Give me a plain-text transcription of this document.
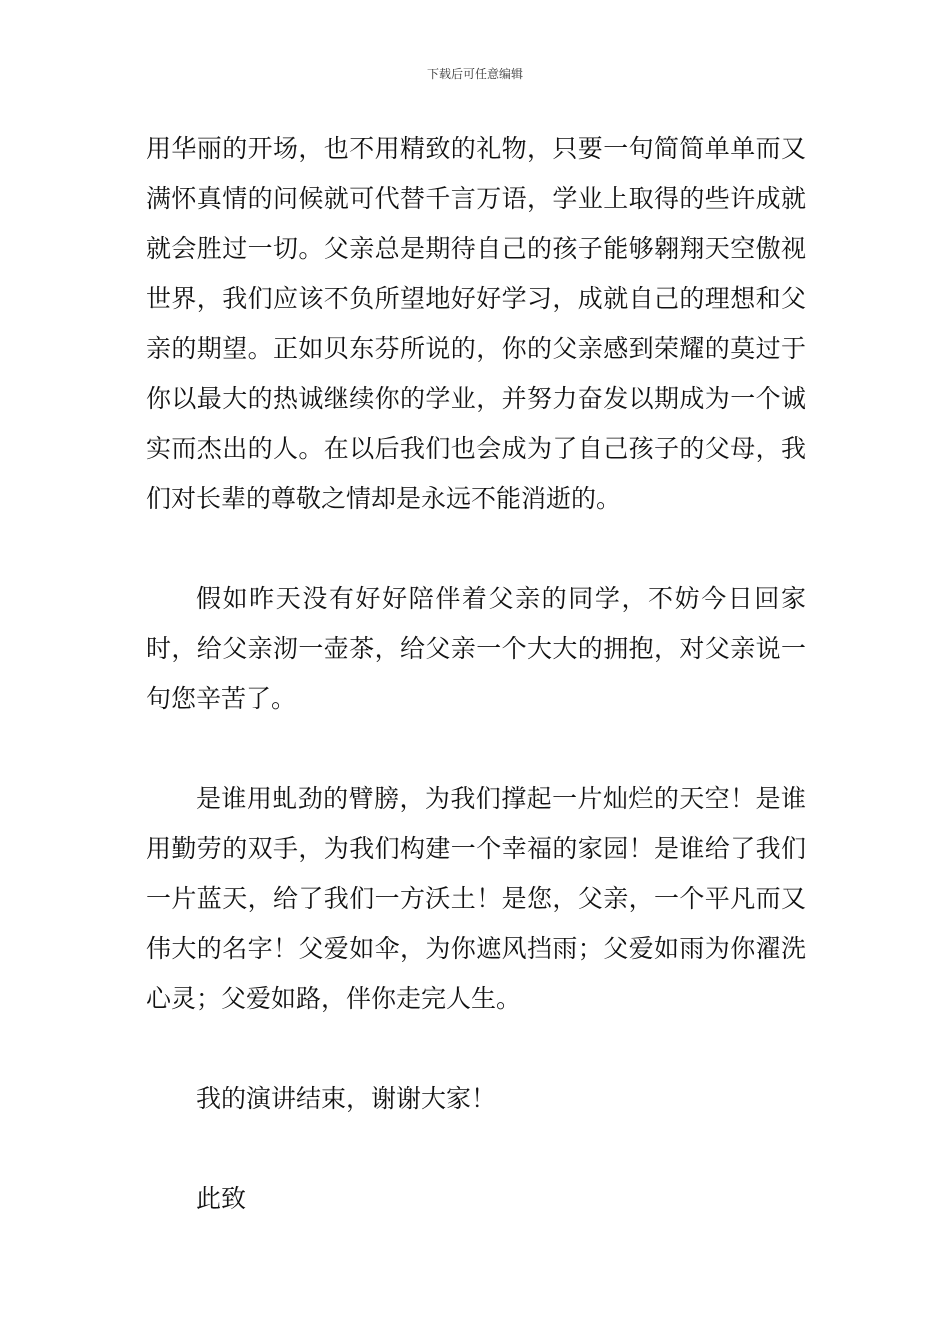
下载后可任意编辑

用华丽的开场，也不用精致的礼物，只要一句简简单单而又满怀真情的问候就可代替千言万语，学业上取得的些许成就就会胜过一切。父亲总是期待自己的孩子能够翱翔天空傲视世界，我们应该不负所望地好好学习，成就自己的理想和父亲的期望。正如贝东芬所说的，你的父亲感到荣耀的莫过于你以最大的热诚继续你的学业，并努力奋发以期成为一个诚实而杰出的人。在以后我们也会成为了自己孩子的父母，我们对长辈的尊敬之情却是永远不能消逝的。

假如昨天没有好好陪伴着父亲的同学，不妨今日回家时，给父亲沏一壶茶，给父亲一个大大的拥抱，对父亲说一句您辛苦了。

是谁用虬劲的臂膀，为我们撑起一片灿烂的天空！是谁用勤劳的双手，为我们构建一个幸福的家园！是谁给了我们一片蓝天，给了我们一方沃土！是您，父亲，一个平凡而又伟大的名字！父爱如伞，为你遮风挡雨；父爱如雨为你濯洗心灵；父爱如路，伴你走完人生。

我的演讲结束，谢谢大家！

此致
